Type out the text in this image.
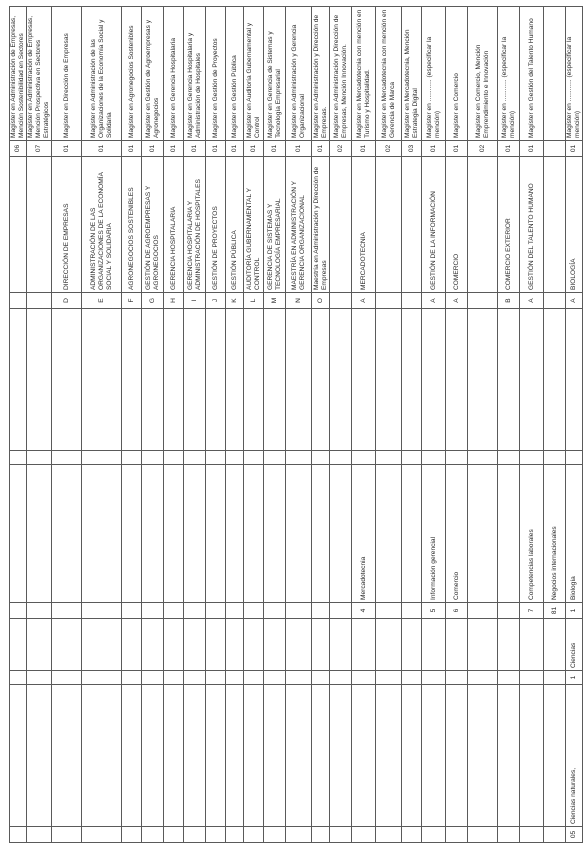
										06	Magíster en Administración de Empresas, Mención Sostenibilidad en Sectores
										07	Magíster en Administración de Empresas, Mención Prospectiva en Sectores Estratégicos
								D	DIRECCIÓN DE EMPRESAS	01	Magíster en Dirección de Empresas
								E	ADMINISTRACIÓN DE LAS ORGANIZACIONES DE LA ECONOMÍA SOCIAL Y SOLIDARIA	01	Magíster en Administración de las Organizaciones de la Economía Social y Solidaria
								F	AGRONEGOCIOS SOSTENIBLES	01	Magíster en Agronegocios Sostenibles
								G	GESTIÓN DE AGROEMPRESAS Y AGRONEGOCIOS	01	Magíster en Gestión de Agroempresas y Agronegocios
								H	GERENCIA HOSPITALARIA	01	Magíster en Gerencia Hospitalaria
								I	GERENCIA HOSPITALARIA Y ADMINISTRACIÓN DE HOSPITALES	01	Magíster en Gerencia Hospitalaria y Administración de Hospitales
								J	GESTIÓN DE PROYECTOS	01	Magíster en Gestión de Proyectos
								K	GESTIÓN PÚBLICA	01	Magíster en Gestión Pública
								L	AUDITORÍA GUBERNAMENTAL Y CONTROL	01	Magíster en Auditoría Gubernamental y Control
								M	GERENCIA DE SISTEMAS Y TECNOLOGÍA EMPRESARIAL	01	Magíster en Gerencia de Sistemas y Tecnología Empresarial
								N	MAESTRÍA EN ADMINISTRACIÓN Y GERENCIA ORGANIZACIONAL	01	Magíster en Administración y Gerencia Organizacional
								O	Maestría en Administración y Dirección de Empresas	01	Magíster en Administración y Dirección de Empresas.
										02	Magíster en Administración y Dirección de Empresas, Mención Innovación.
				4	Mercadotecnia			A	MERCADOTECNIA	01	Magíster en Mercadotecnia con mención en Turismo y Hospitalidad.
										02	Magíster en Mercadotecnia con mención en Gerencia de Marca
										03	Magíster en Mercadotecnia, Mención Estrategia Digital
				5	Información gerencial			A	GESTIÓN DE LA INFORMACIÓN	01	Magíster en ............ (especificar la mención)
				6	Comercio			A	COMERCIO	01	Magíster en Comercio
										02	Magíster en Comercio, Mención Emprendimiento e Innovación
								B	COMERCIO EXTERIOR	01	Magíster en ............ (especificar la mención)
				7	Competencias laborales			A	GESTIÓN DEL TALENTO HUMANO	01	Magíster en Gestión del Talento Humano
				81	Negocios internacionales						
05	Ciencias naturales,	1	Ciencias	1	Biología			A	BIOLOGÍA	01	Magíster en ............ (especificar la mención)
